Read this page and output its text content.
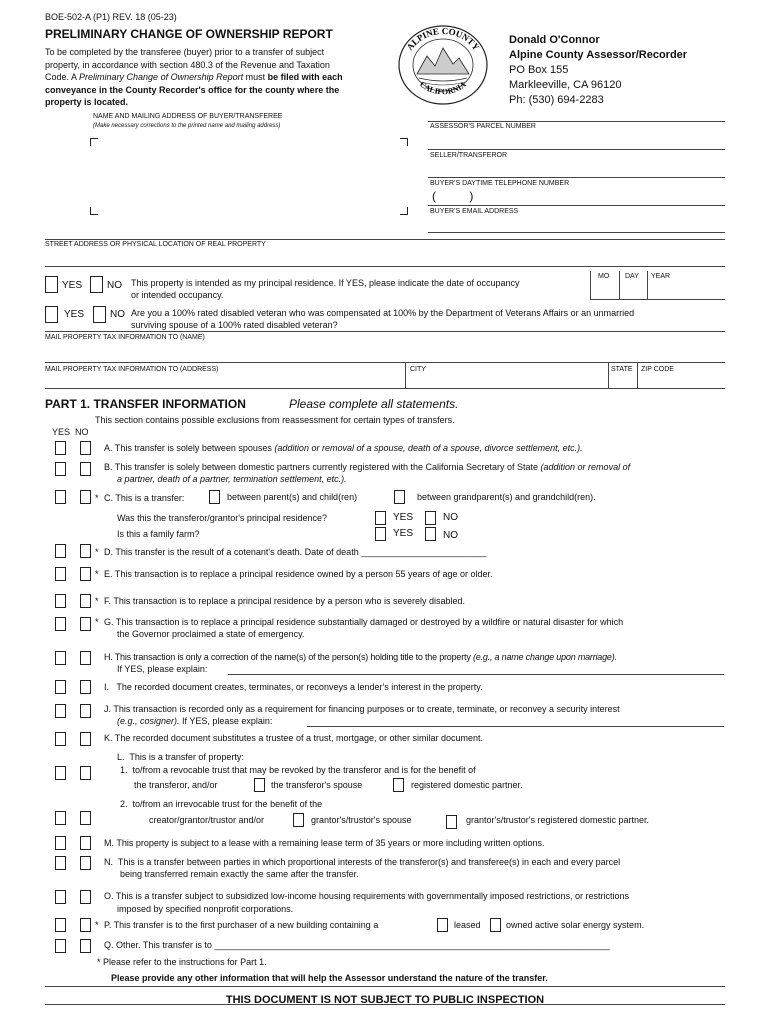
BOE-502-A (P1) REV. 18 (05-23)
PRELIMINARY CHANGE OF OWNERSHIP REPORT
To be completed by the transferee (buyer) prior to a transfer of subject
property, in accordance with section 480.3 of the Revenue and Taxation
Code. A Preliminary Change of Ownership Report must be filed with each
conveyance in the County Recorder's office for the county where the
property is located.
ALPINE COUNTY
CALIFORNIA
Donald O'Connor
Alpine County Assessor/Recorder
PO Box 155
Markleeville, CA 96120
Ph: (530) 694-2283
NAME AND MAILING ADDRESS OF BUYER/TRANSFEREE
(Make necessary corrections to the printed name and mailing address)	ASSESSOR'S PARCEL NUMBER
SELLER/TRANSFEROR
BUYER'S DAYTIME TELEPHONE NUMBER
(          )
BUYER'S EMAIL ADDRESS
STREET ADDRESS OR PHYSICAL LOCATION OF REAL PROPERTY
YES NO This property is intended as my principal residence. If YES, please indicate the date of occupancy
or intended occupancy.
MO DAY YEAR
YES	NO Are you a 100% rated disabled veteran who was compensated at 100% by the Department of Veterans Affairs or an unmarried
surviving spouse of a 100% rated disabled veteran?
MAIL PROPERTY TAX INFORMATION TO (NAME)
MAIL PROPERTY TAX INFORMATION TO (ADDRESS)	CITY	STATE ZIP CODE
PART 1. TRANSFER INFORMATION	Please complete all statements.
This section contains possible exclusions from reassessment for certain types of transfers.
YES  NO
A. This transfer is solely between spouses (addition or removal of a spouse, death of a spouse, divorce settlement, etc.).
B. This transfer is solely between domestic partners currently registered with the California Secretary of State (addition or removal of
a partner, death of a partner, termination settlement, etc.).
* C. This is a transfer:	between parent(s) and child(ren)	between grandparent(s) and grandchild(ren).
Was this the transferor/grantor's principal residence?	YES	NO
Is this a family farm?	YES	NO
* D. This transfer is the result of a cotenant's death. Date of death _________________________
* E. This transaction is to replace a principal residence owned by a person 55 years of age or older.
* F. This transaction is to replace a principal residence by a person who is severely disabled.
* G. This transaction is to replace a principal residence substantially damaged or destroyed by a wildfire or natural disaster for which
the Governor proclaimed a state of emergency.
H. This transaction is only a correction of the name(s) of the person(s) holding title to the property (e.g., a name change upon marriage).
If YES, please explain:
I.   The recorded document creates, terminates, or reconveys a lender's interest in the property.
J. This transaction is recorded only as a requirement for financing purposes or to create, terminate, or reconvey a security interest
(e.g., cosigner). If YES, please explain:
K. The recorded document substitutes a trustee of a trust, mortgage, or other similar document.
L.  This is a transfer of property:
1.  to/from a revocable trust that may be revoked by the transferor and is for the benefit of
the transferor, and/or	the transferor's spouse	registered domestic partner.
2.  to/from an irrevocable trust for the benefit of the
creator/grantor/trustor and/or	grantor's/trustor's spouse	grantor's/trustor's registered domestic partner.
M. This property is subject to a lease with a remaining lease term of 35 years or more including written options.
N.  This is a transfer between parties in which proportional interests of the transferor(s) and transferee(s) in each and every parcel
being transferred remain exactly the same after the transfer.
O. This is a transfer subject to subsidized low-income housing requirements with governmentally imposed restrictions, or restrictions
imposed by specified nonprofit corporations.
* P. This transfer is to the first purchaser of a new building containing a	leased	owned active solar energy system.
Q. Other. This transfer is to _______________________________________________________________________________
* Please refer to the instructions for Part 1.
Please provide any other information that will help the Assessor understand the nature of the transfer.
THIS DOCUMENT IS NOT SUBJECT TO PUBLIC INSPECTION
